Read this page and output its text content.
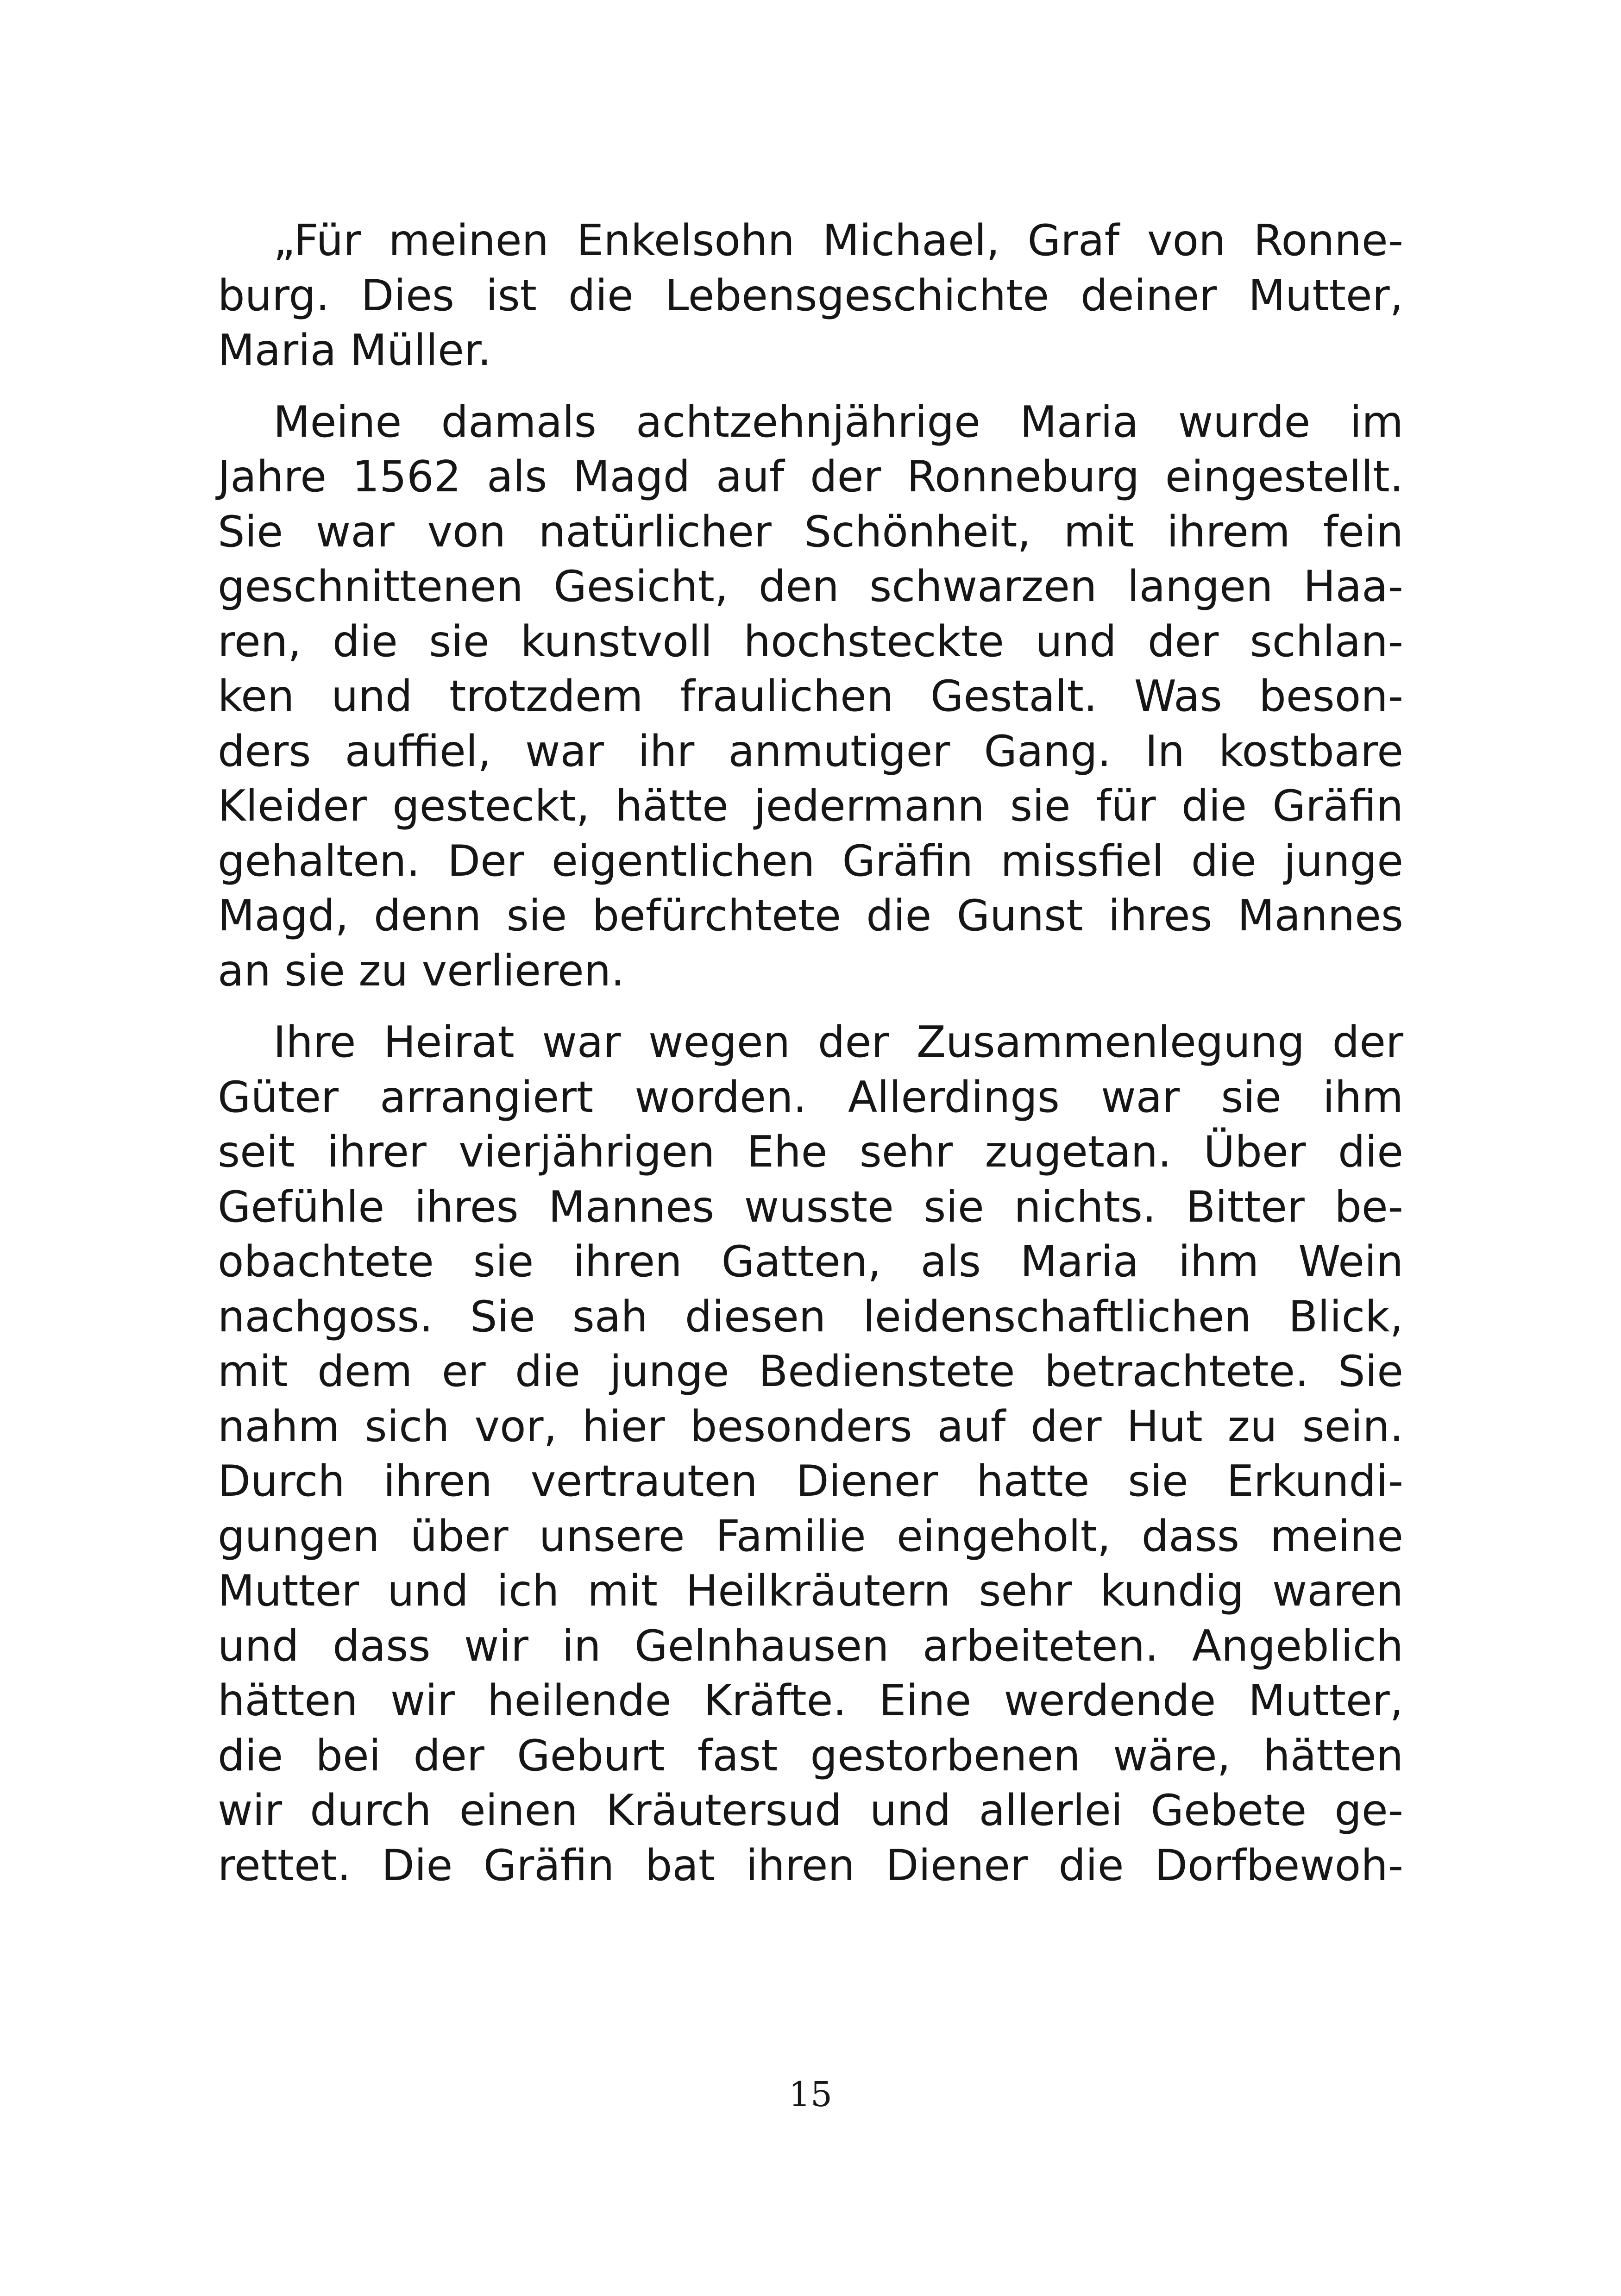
„Für meinen Enkelsohn Michael, Graf von Ronne-
burg. Dies ist die Lebensgeschichte deiner Mutter,
Maria Müller.

Meine damals achtzehnjährige Maria wurde im
Jahre 1562 als Magd auf der Ronneburg eingestellt.
Sie war von natürlicher Schönheit, mit ihrem fein
geschnittenen Gesicht, den schwarzen langen Haa-
ren, die sie kunstvoll hochsteckte und der schlan-
ken und trotzdem fraulichen Gestalt. Was beson-
ders auffiel, war ihr anmutiger Gang. In kostbare
Kleider gesteckt, hätte jedermann sie für die Gräfin
gehalten. Der eigentlichen Gräfin missfiel die junge
Magd, denn sie befürchtete die Gunst ihres Mannes
an sie zu verlieren.

Ihre Heirat war wegen der Zusammenlegung der
Güter arrangiert worden. Allerdings war sie ihm
seit ihrer vierjährigen Ehe sehr zugetan. Über die
Gefühle ihres Mannes wusste sie nichts. Bitter be-
obachtete sie ihren Gatten, als Maria ihm Wein
nachgoss. Sie sah diesen leidenschaftlichen Blick,
mit dem er die junge Bedienstete betrachtete. Sie
nahm sich vor, hier besonders auf der Hut zu sein.
Durch ihren vertrauten Diener hatte sie Erkundi-
gungen über unsere Familie eingeholt, dass meine
Mutter und ich mit Heilkräutern sehr kundig waren
und dass wir in Gelnhausen arbeiteten. Angeblich
hätten wir heilende Kräfte. Eine werdende Mutter,
die bei der Geburt fast gestorbenen wäre, hätten
wir durch einen Kräutersud und allerlei Gebete ge-
rettet. Die Gräfin bat ihren Diener die Dorfbewoh-

15
